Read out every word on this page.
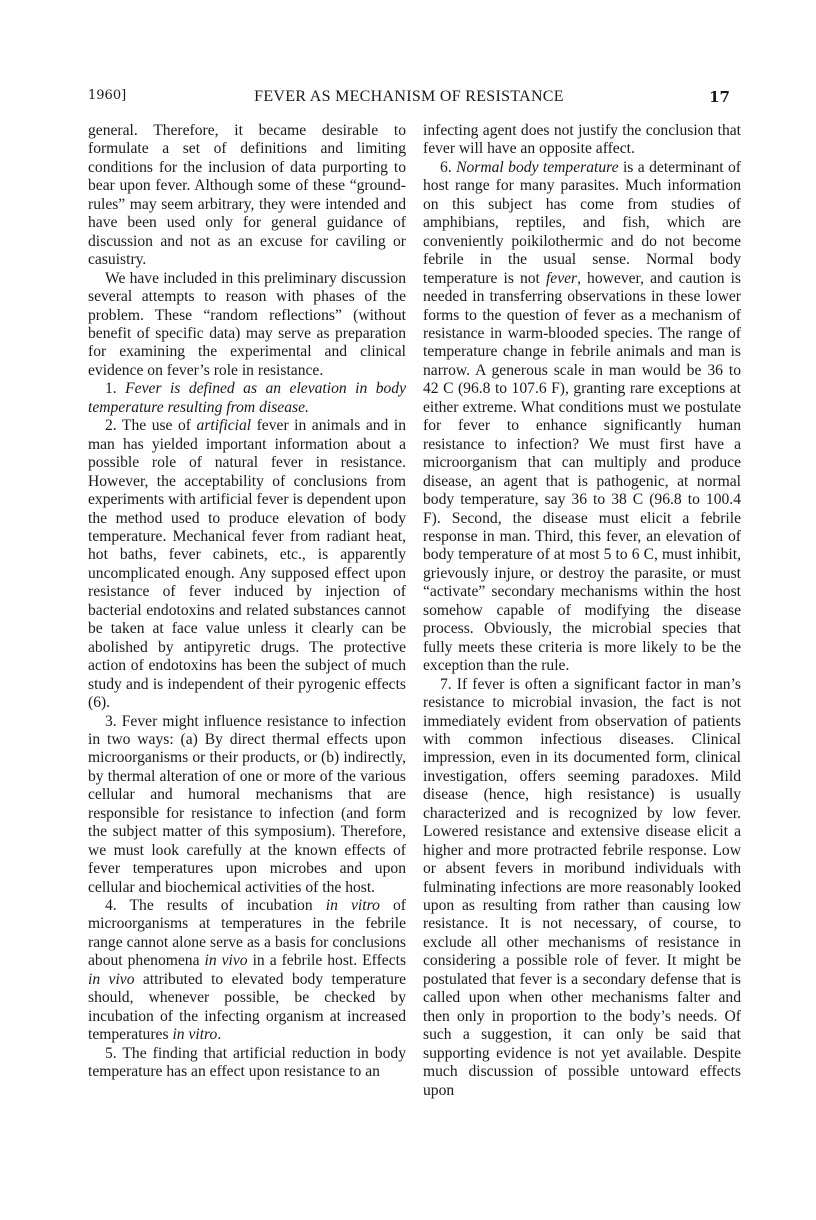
1960]	FEVER AS MECHANISM OF RESISTANCE	17

general. Therefore, it became desirable to formulate a set of definitions and limiting conditions for the inclusion of data purporting to bear upon fever. Although some of these “ground-rules” may seem arbitrary, they were intended and have been used only for general guidance of discussion and not as an excuse for caviling or casuistry.

We have included in this preliminary discussion several attempts to reason with phases of the problem. These “random reflections” (without benefit of specific data) may serve as preparation for examining the experimental and clinical evidence on fever’s role in resistance.

1. Fever is defined as an elevation in body temperature resulting from disease.

2. The use of artificial fever in animals and in man has yielded important information about a possible role of natural fever in resistance. However, the acceptability of conclusions from experiments with artificial fever is dependent upon the method used to produce elevation of body temperature. Mechanical fever from radiant heat, hot baths, fever cabinets, etc., is apparently uncomplicated enough. Any supposed effect upon resistance of fever induced by injection of bacterial endotoxins and related substances cannot be taken at face value unless it clearly can be abolished by antipyretic drugs. The protective action of endotoxins has been the subject of much study and is independent of their pyrogenic effects (6).

3. Fever might influence resistance to infection in two ways: (a) By direct thermal effects upon microorganisms or their products, or (b) indirectly, by thermal alteration of one or more of the various cellular and humoral mechanisms that are responsible for resistance to infection (and form the subject matter of this symposium). Therefore, we must look carefully at the known effects of fever temperatures upon microbes and upon cellular and biochemical activities of the host.

4. The results of incubation in vitro of microorganisms at temperatures in the febrile range cannot alone serve as a basis for conclusions about phenomena in vivo in a febrile host. Effects in vivo attributed to elevated body temperature should, whenever possible, be checked by incubation of the infecting organism at increased temperatures in vitro.

5. The finding that artificial reduction in body temperature has an effect upon resistance to an

infecting agent does not justify the conclusion that fever will have an opposite affect.

6. Normal body temperature is a determinant of host range for many parasites. Much information on this subject has come from studies of amphibians, reptiles, and fish, which are conveniently poikilothermic and do not become febrile in the usual sense. Normal body temperature is not fever, however, and caution is needed in transferring observations in these lower forms to the question of fever as a mechanism of resistance in warm-blooded species. The range of temperature change in febrile animals and man is narrow. A generous scale in man would be 36 to 42 C (96.8 to 107.6 F), granting rare exceptions at either extreme. What conditions must we postulate for fever to enhance significantly human resistance to infection? We must first have a microorganism that can multiply and produce disease, an agent that is pathogenic, at normal body temperature, say 36 to 38 C (96.8 to 100.4 F). Second, the disease must elicit a febrile response in man. Third, this fever, an elevation of body temperature of at most 5 to 6 C, must inhibit, grievously injure, or destroy the parasite, or must “activate” secondary mechanisms within the host somehow capable of modifying the disease process. Obviously, the microbial species that fully meets these criteria is more likely to be the exception than the rule.

7. If fever is often a significant factor in man’s resistance to microbial invasion, the fact is not immediately evident from observation of patients with common infectious diseases. Clinical impression, even in its documented form, clinical investigation, offers seeming paradoxes. Mild disease (hence, high resistance) is usually characterized and is recognized by low fever. Lowered resistance and extensive disease elicit a higher and more protracted febrile response. Low or absent fevers in moribund individuals with fulminating infections are more reasonably looked upon as resulting from rather than causing low resistance. It is not necessary, of course, to exclude all other mechanisms of resistance in considering a possible role of fever. It might be postulated that fever is a secondary defense that is called upon when other mechanisms falter and then only in proportion to the body’s needs. Of such a suggestion, it can only be said that supporting evidence is not yet available. Despite much discussion of possible untoward effects upon
